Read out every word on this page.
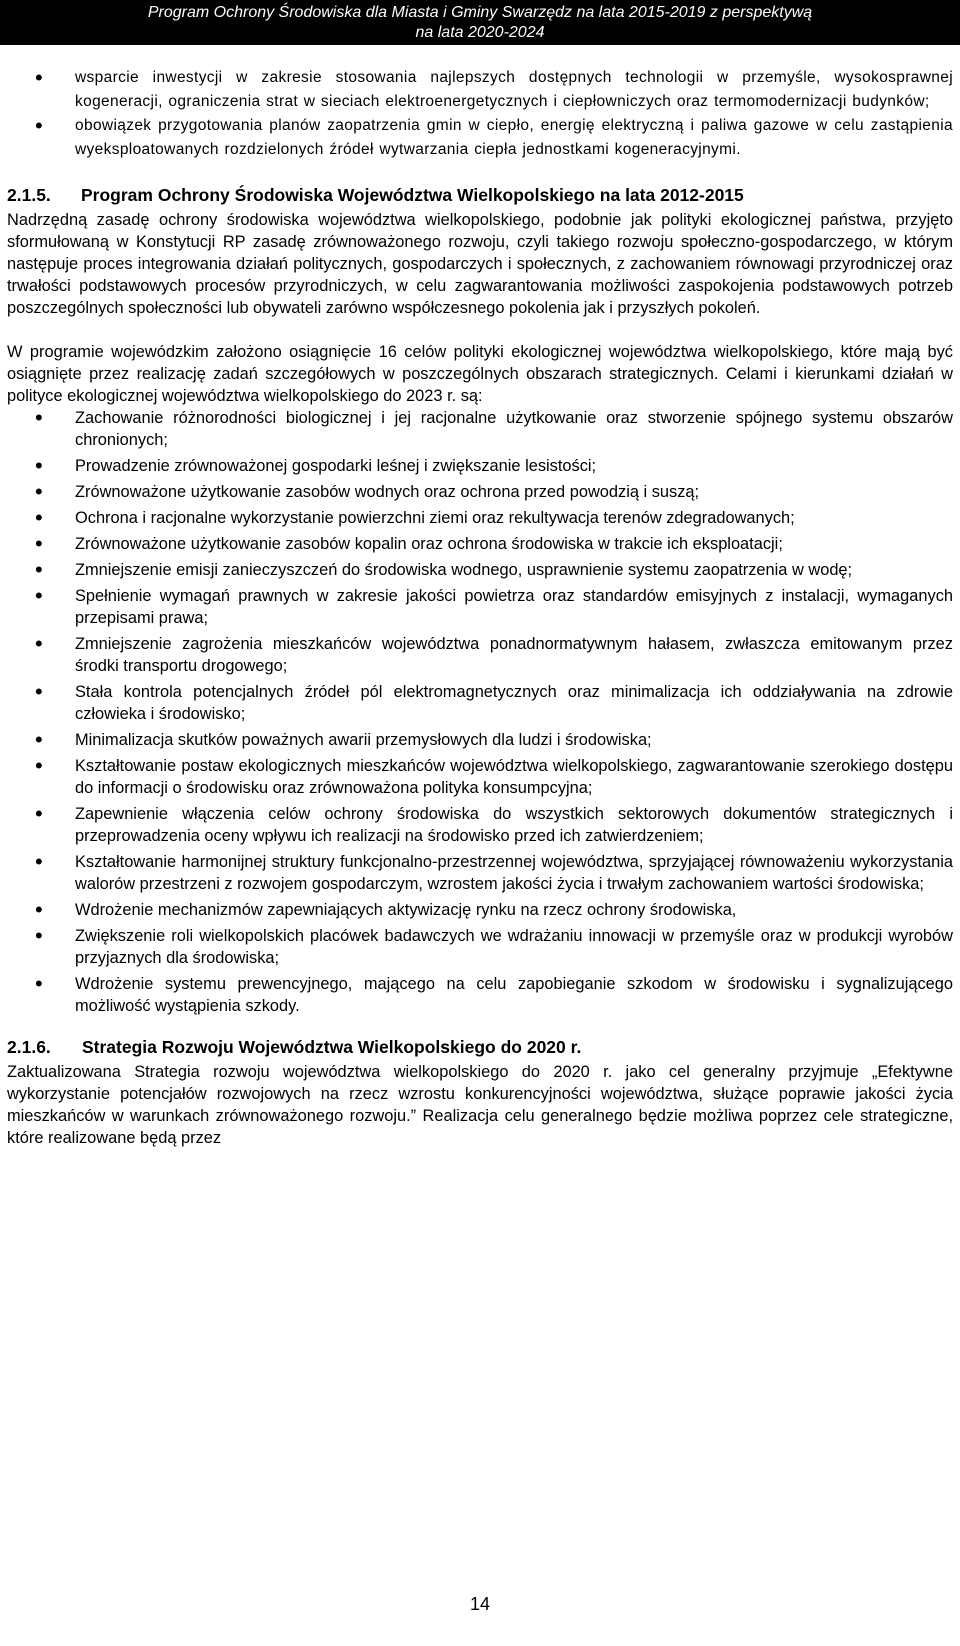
Program Ochrony Środowiska dla Miasta i Gminy Swarzędz na lata 2015-2019 z perspektywą
na lata 2020-2024
• wsparcie inwestycji w zakresie stosowania najlepszych dostępnych technologii w przemyśle, wysokosprawnej kogeneracji, ograniczenia strat w sieciach elektroenergetycznych i ciepłowniczych oraz termomodernizacji budynków;
• obowiązek przygotowania planów zaopatrzenia gmin w ciepło, energię elektryczną i paliwa gazowe w celu zastąpienia wyeksploatowanych rozdzielonych źródeł wytwarzania ciepła jednostkami kogeneracyjnymi.
2.1.5. Program Ochrony Środowiska Województwa Wielkopolskiego na lata 2012-2015

Nadrzędną zasadę ochrony środowiska województwa wielkopolskiego, podobnie jak polityki ekologicznej państwa, przyjęto sformułowaną w Konstytucji RP zasadę zrównoważonego rozwoju, czyli takiego rozwoju społeczno-gospodarczego, w którym następuje proces integrowania działań politycznych, gospodarczych i społecznych, z zachowaniem równowagi przyrodniczej oraz trwałości podstawowych procesów przyrodniczych, w celu zagwarantowania możliwości zaspokojenia podstawowych potrzeb poszczególnych społeczności lub obywateli zarówno współczesnego pokolenia jak i przyszłych pokoleń.

W programie wojewódzkim założono osiągnięcie 16 celów polityki ekologicznej województwa wielkopolskiego, które mają być osiągnięte przez realizację zadań szczegółowych w poszczególnych obszarach strategicznych. Celami i kierunkami działań w polityce ekologicznej województwa wielkopolskiego do 2023 r. są:

• Zachowanie różnorodności biologicznej i jej racjonalne użytkowanie oraz stworzenie spójnego systemu obszarów chronionych;
• Prowadzenie zrównoważonej gospodarki leśnej i zwiększanie lesistości;
• Zrównoważone użytkowanie zasobów wodnych oraz ochrona przed powodzią i suszą;
• Ochrona i racjonalne wykorzystanie powierzchni ziemi oraz rekultywacja terenów zdegradowanych;
• Zrównoważone użytkowanie zasobów kopalin oraz ochrona środowiska w trakcie ich eksploatacji;
• Zmniejszenie emisji zanieczyszczeń do środowiska wodnego, usprawnienie systemu zaopatrzenia w wodę;
• Spełnienie wymagań prawnych w zakresie jakości powietrza oraz standardów emisyjnych z instalacji, wymaganych przepisami prawa;
• Zmniejszenie zagrożenia mieszkańców województwa ponadnormatywnym hałasem, zwłaszcza emitowanym przez środki transportu drogowego;
• Stała kontrola potencjalnych źródeł pól elektromagnetycznych oraz minimalizacja ich oddziaływania na zdrowie człowieka i środowisko;
• Minimalizacja skutków poważnych awarii przemysłowych dla ludzi i środowiska;
• Kształtowanie postaw ekologicznych mieszkańców województwa wielkopolskiego, zagwarantowanie szerokiego dostępu do informacji o środowisku oraz zrównoważona polityka konsumpcyjna;
• Zapewnienie włączenia celów ochrony środowiska do wszystkich sektorowych dokumentów strategicznych i przeprowadzenia oceny wpływu ich realizacji na środowisko przed ich zatwierdzeniem;
• Kształtowanie harmonijnej struktury funkcjonalno-przestrzennej województwa, sprzyjającej równoważeniu wykorzystania walorów przestrzeni z rozwojem gospodarczym, wzrostem jakości życia i trwałym zachowaniem wartości środowiska;
• Wdrożenie mechanizmów zapewniających aktywizację rynku na rzecz ochrony środowiska,
• Zwiększenie roli wielkopolskich placówek badawczych we wdrażaniu innowacji w przemyśle oraz w produkcji wyrobów przyjaznych dla środowiska;
• Wdrożenie systemu prewencyjnego, mającego na celu zapobieganie szkodom w środowisku i sygnalizującego możliwość wystąpienia szkody.
2.1.6. Strategia Rozwoju Województwa Wielkopolskiego do 2020 r.

Zaktualizowana Strategia rozwoju województwa wielkopolskiego do 2020 r. jako cel generalny przyjmuje „Efektywne wykorzystanie potencjałów rozwojowych na rzecz wzrostu konkurencyjności województwa, służące poprawie jakości życia mieszkańców w warunkach zrównoważonego rozwoju.” Realizacja celu generalnego będzie możliwa poprzez cele strategiczne, które realizowane będą przez

14
